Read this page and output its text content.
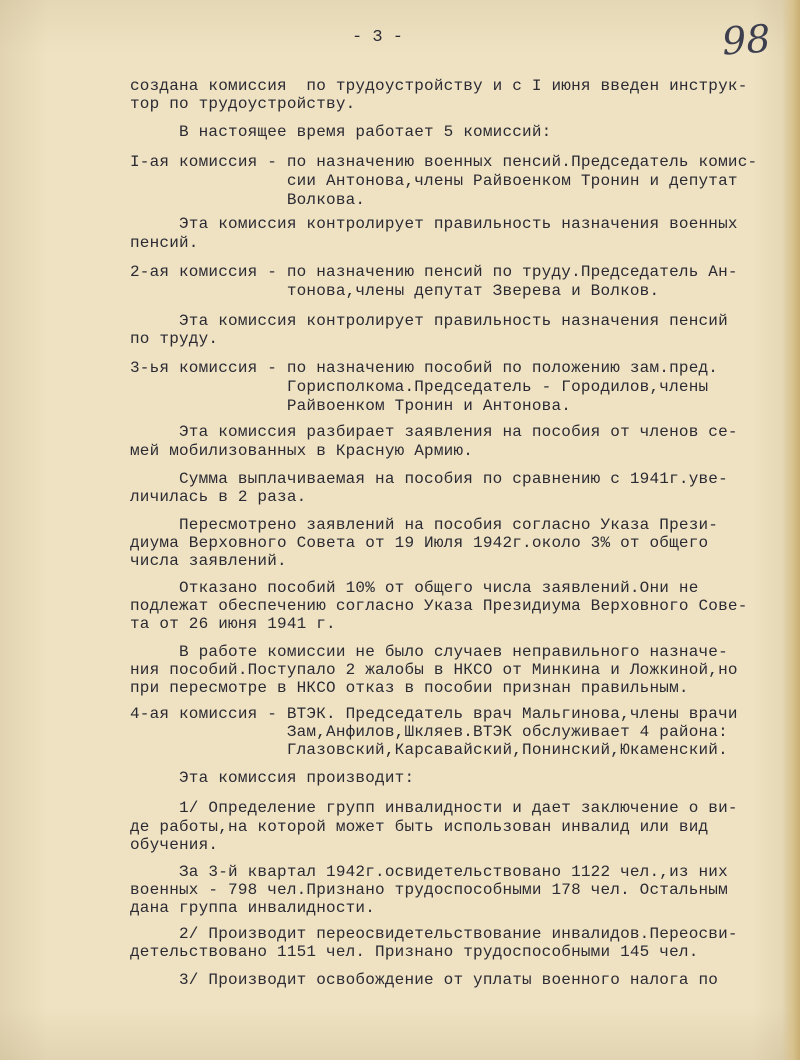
- 3 -	98

создана комиссия  по трудоустройству и с I июня введен инструк-

тор по трудоустройству.

В настоящее время работает 5 комиссий:

I-ая комиссия - по назначению военных пенсий.Председатель комис-

сии Антонова,члены Райвоенком Тронин и депутат

Волкова.

Эта комиссия контролирует правильность назначения военных

пенсий.

2-ая комиссия - по назначению пенсий по труду.Председатель Ан-

тонова,члены депутат Зверева и Волков.

Эта комиссия контролирует правильность назначения пенсий

по труду.

3-ья комиссия - по назначению пособий по положению зам.пред.

Горисполкома.Председатель - Городилов,члены

Райвоенком Тронин и Антонова.

Эта комиссия разбирает заявления на пособия от членов се-

мей мобилизованных в Красную Армию.

Сумма выплачиваемая на пособия по сравнению с 1941г.уве-

личилась в 2 раза.

Пересмотрено заявлений на пособия согласно Указа Прези-

диума Верховного Совета от 19 Июля 1942г.около 3% от общего

числа заявлений.

Отказано пособий 10% от общего числа заявлений.Они не

подлежат обеспечению согласно Указа Президиума Верховного Сове-

та от 26 июня 1941 г.

В работе комиссии не было случаев неправильного назначе-

ния пособий.Поступало 2 жалобы в НКСО от Минкина и Ложкиной,но

при пересмотре в НКСО отказ в пособии признан правильным.

4-ая комиссия - ВТЭК. Председатель врач Мальгинова,члены врачи

Зам,Анфилов,Шкляев.ВТЭК обслуживает 4 района:

Глазовский,Карсавайский,Понинский,Юкаменский.

Эта комиссия производит:

1/ Определение групп инвалидности и дает заключение о ви-

де работы,на которой может быть использован инвалид или вид

обучения.

За 3-й квартал 1942г.освидетельствовано 1122 чел.,из них

военных - 798 чел.Признано трудоспособными 178 чел. Остальным

дана группа инвалидности.

2/ Производит переосвидетельствование инвалидов.Переосви-

детельствовано 1151 чел. Признано трудоспособными 145 чел.

3/ Производит освобождение от уплаты военного налога по
